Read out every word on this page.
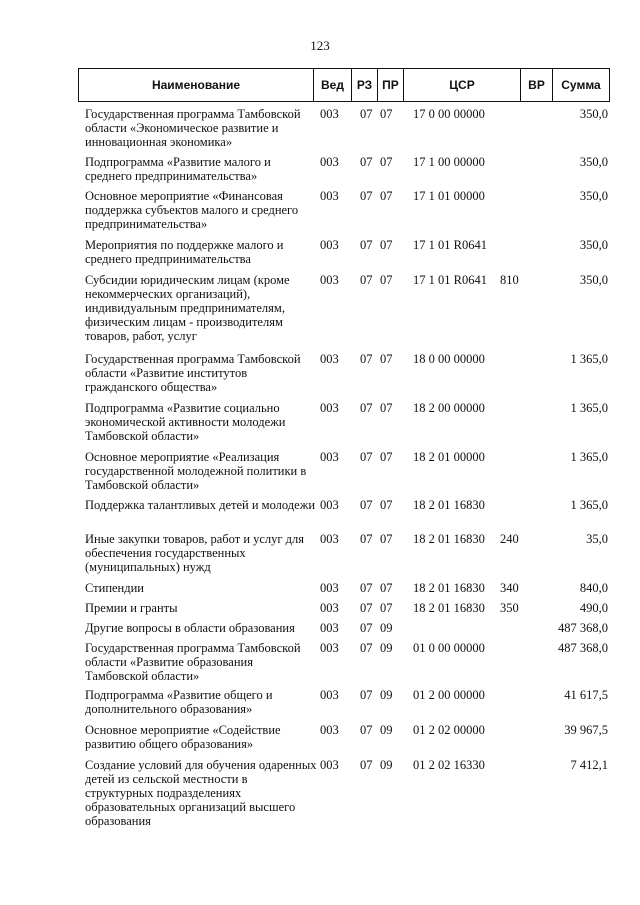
123
Наименование	Вед	РЗ ПР	ЦСР	ВР	Сумма
Государственная программа Тамбовской области «Экономическое развитие и инновационная экономика»
003 07 07 17 0 00 00000	350,0
Подпрограмма «Развитие малого и среднего предпринимательства»
003 07 07 17 1 00 00000	350,0
Основное мероприятие «Финансовая поддержка субъектов малого и среднего предпринимательства»
003 07 07 17 1 01 00000	350,0
Мероприятия по поддержке малого и среднего предпринимательства
003 07 07 17 1 01 R0641	350,0
Субсидии юридическим лицам (кроме некоммерческих организаций), индивидуальным предпринимателям, физическим лицам - производителям товаров, работ, услуг
003 07 07 17 1 01 R0641 810	350,0
Государственная программа Тамбовской области «Развитие институтов гражданского общества»
003 07 07 18 0 00 00000	1 365,0
Подпрограмма «Развитие социально экономической активности молодежи Тамбовской области»
003 07 07 18 2 00 00000	1 365,0
Основное мероприятие «Реализация государственной молодежной политики в Тамбовской области»
003 07 07 18 2 01 00000	1 365,0
Поддержка талантливых детей и молодежи 003 07 07 18 2 01 16830	1 365,0
Иные закупки товаров, работ и услуг для обеспечения государственных (муниципальных) нужд
003 07 07 18 2 01 16830 240	35,0
Стипендии	003 07 07 18 2 01 16830 340	840,0
Премии и гранты	003 07 07 18 2 01 16830 350	490,0
Другие вопросы в области образования	003 07 09	487 368,0
Государственная программа Тамбовской области «Развитие образования Тамбовской области»
003 07 09 01 0 00 00000	487 368,0
Подпрограмма «Развитие общего и дополнительного образования»
003 07 09 01 2 00 00000	41 617,5
Основное мероприятие «Содействие развитию общего образования»
003 07 09 01 2 02 00000	39 967,5
Создание условий для обучения одаренных детей из сельской местности в структурных подразделениях образовательных организаций высшего образования
003 07 09 01 2 02 16330	7 412,1
